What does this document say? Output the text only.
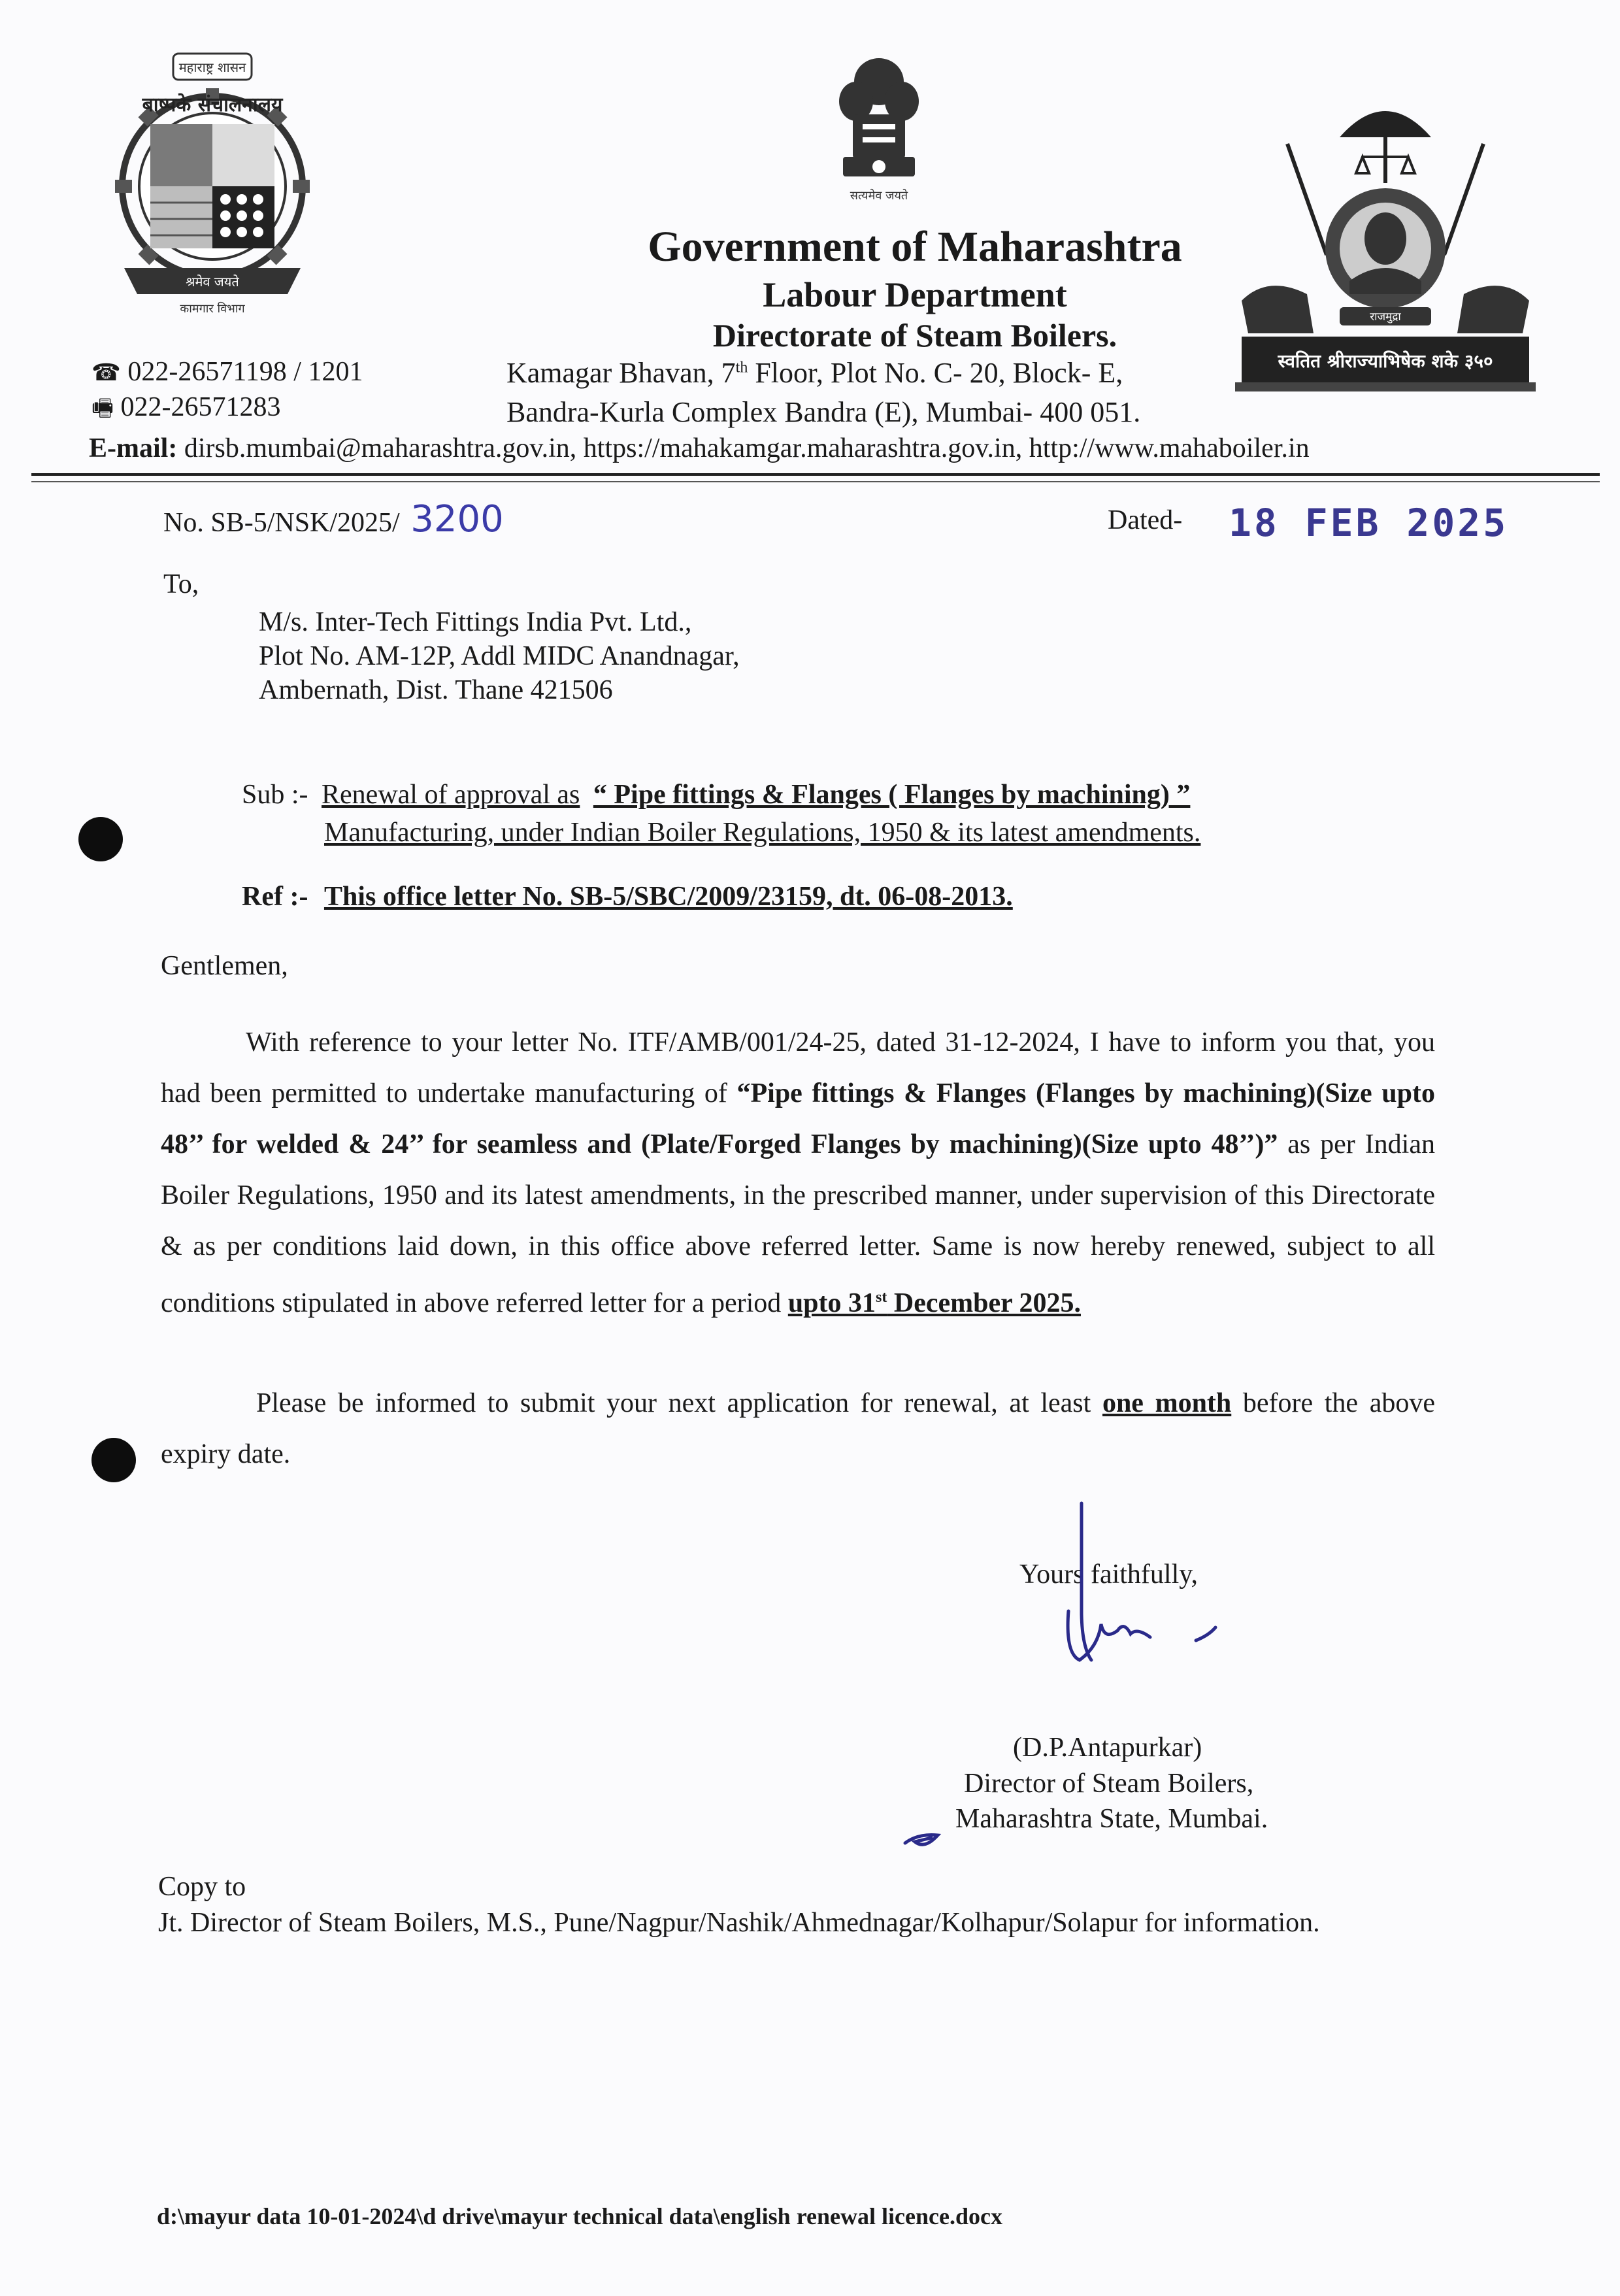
श्रमेव जयते
कामगार विभाग
महाराष्ट्र शासन
बाष्पके संचालनालय
सत्यमेव जयते
राजमुद्रा
स्वतित श्रीराज्याभिषेक शके ३५०
Government of Maharashtra
Labour Department
Directorate of Steam Boilers.
Kamagar Bhavan, 7th Floor, Plot No. C- 20, Block- E,
Bandra-Kurla Complex Bandra (E), Mumbai- 400 051.
☎ 022-26571198 / 1201
🖷 022-26571283
E-mail: dirsb.mumbai@maharashtra.gov.in, https://mahakamgar.maharashtra.gov.in, http://www.mahaboiler.in
No. SB-5/NSK/2025/ 3200	Dated- 18 FEB 2025
To,
M/s. Inter-Tech Fittings India Pvt. Ltd.,
Plot No. AM-12P, Addl MIDC Anandnagar,
Ambernath, Dist. Thane 421506
Sub :- Renewal of approval as “ Pipe fittings & Flanges ( Flanges by machining) ”
Manufacturing, under Indian Boiler Regulations, 1950 & its latest amendments.
Ref :- This office letter No. SB-5/SBC/2009/23159, dt. 06-08-2013.
Gentlemen,
With reference to your letter No. ITF/AMB/001/24-25, dated 31-12-2024, I have to inform you that, you had been permitted to undertake manufacturing of “Pipe fittings & Flanges (Flanges by machining)(Size upto 48’’ for welded & 24’’ for seamless and (Plate/Forged Flanges by machining)(Size upto 48’’)” as per Indian Boiler Regulations, 1950 and its latest amendments, in the prescribed manner, under supervision of this Directorate & as per conditions laid down, in this office above referred letter. Same is now hereby renewed, subject to all conditions stipulated in above referred letter for a period upto 31st December 2025.
Please be informed to submit your next application for renewal, at least one month before the above expiry date.
Yours faithfully,
(D.P.Antapurkar)
Director of Steam Boilers,
Maharashtra State, Mumbai.
Copy to
Jt. Director of Steam Boilers, M.S., Pune/Nagpur/Nashik/Ahmednagar/Kolhapur/Solapur for information.
d:\mayur data 10-01-2024\d drive\mayur technical data\english renewal licence.docx
